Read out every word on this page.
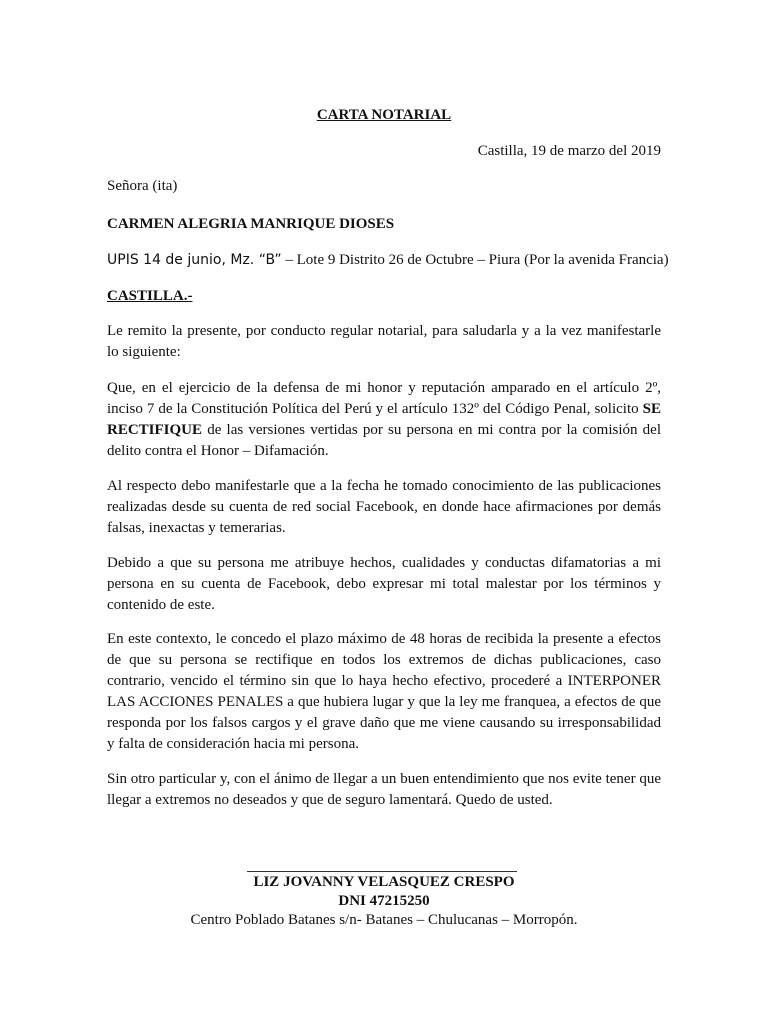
CARTA NOTARIAL
Castilla, 19 de marzo del 2019
Señora (ita)
CARMEN ALEGRIA MANRIQUE DIOSES
UPIS 14 de junio, Mz. “B” – Lote 9 Distrito 26 de Octubre – Piura (Por la avenida Francia)
CASTILLA.-

Le remito la presente, por conducto regular notarial, para saludarla y a la vez manifestarle lo siguiente:

Que, en el ejercicio de la defensa de mi honor y reputación amparado en el artículo 2º, inciso 7 de la Constitución Política del Perú y el artículo 132º del Código Penal, solicito SE RECTIFIQUE de las versiones vertidas por su persona en mi contra por la comisión del delito contra el Honor – Difamación.

Al respecto debo manifestarle que a la fecha he tomado conocimiento de las publicaciones realizadas desde su cuenta de red social Facebook, en donde hace afirmaciones por demás falsas, inexactas y temerarias.

Debido a que su persona me atribuye hechos, cualidades y conductas difamatorias a mi persona en su cuenta de Facebook, debo expresar mi total malestar por los términos y contenido de este.

En este contexto, le concedo el plazo máximo de 48 horas de recibida la presente a efectos de que su persona se rectifique en todos los extremos de dichas publicaciones, caso contrario, vencido el término sin que lo haya hecho efectivo, procederé a INTERPONER LAS ACCIONES PENALES a que hubiera lugar y que la ley me franquea, a efectos de que responda por los falsos cargos y el grave daño que me viene causando su irresponsabilidad y falta de consideración hacia mi persona.

Sin otro particular y, con el ánimo de llegar a un buen entendimiento que nos evite tener que llegar a extremos no deseados y que de seguro lamentará. Quedo de usted.

LIZ JOVANNY VELASQUEZ CRESPO
DNI 47215250
Centro Poblado Batanes s/n- Batanes – Chulucanas – Morropón.
